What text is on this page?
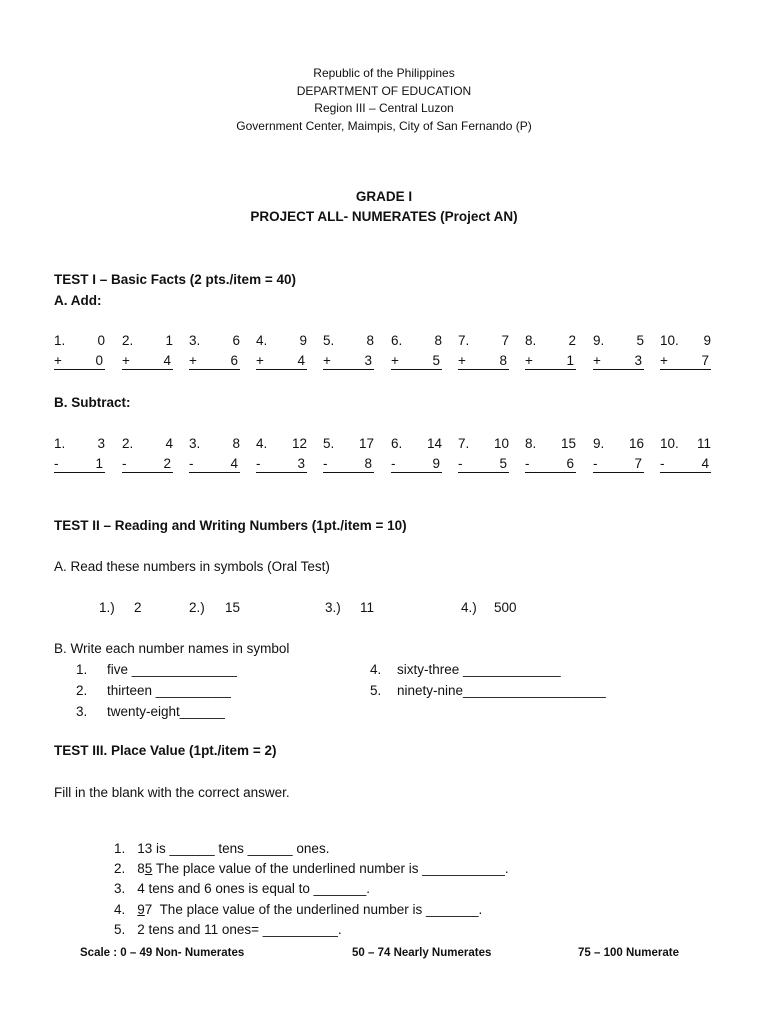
Republic of the Philippines
DEPARTMENT OF EDUCATION
Region III – Central Luzon
Government Center, Maimpis, City of San Fernando (P)
GRADE I
PROJECT ALL- NUMERATES (Project AN)
TEST I – Basic Facts (2 pts./item = 40)
A. Add:
1.	0
+ 0
2.	1
+ 4
3.	6
+ 6
4.	9
+ 4
5.	8
+ 3
6.	8
+ 5
7.	7
+ 8
8.	2
+ 1
9.	5
+ 3
10.	9
+ 7
B. Subtract:
1.	3
-	1
2.	4
-	2
3.	8
-	4
4.	12
-	3
5.	17
-	8
6.	14
-	9
7.	10
-	5
8.	15
-	6
9.	16
-	7
10.	11
-	4
TEST II – Reading and Writing Numbers (1pt./item = 10)
A. Read these numbers in symbols (Oral Test)
1.) 2	2.) 15	3.) 11	4.) 500
B. Write each number names in symbol
1. five ______________
2. thirteen __________
3. twenty-eight______
4. sixty-three _____________
5. ninety-nine___________________
TEST III. Place Value (1pt./item = 2)
Fill in the blank with the correct answer.

1. 13 is ______ tens ______ ones.

2. 85 The place value of the underlined number is ___________.

3. 4 tens and 6 ones is equal to _______.

4. 97  The place value of the underlined number is _______.

5. 2 tens and 11 ones= __________.

Scale : 0 – 49 Non- Numerates	50 – 74 Nearly Numerates	75 – 100 Numerate
